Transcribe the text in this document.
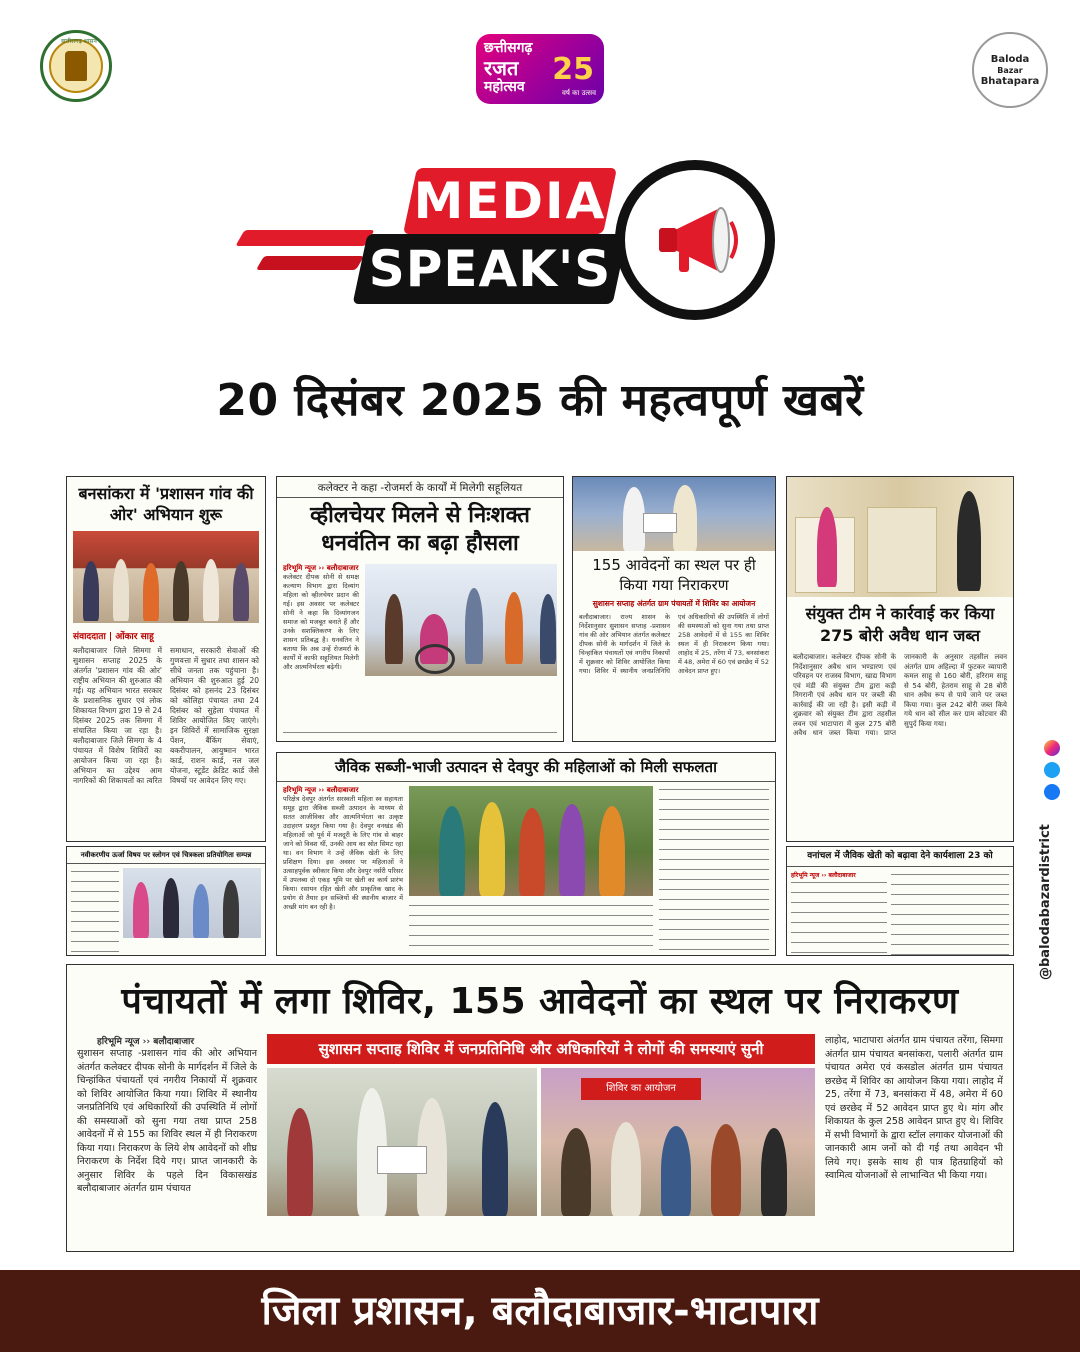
छत्तीसगढ़ शासन	छत्तीसगढ़
रजत
महोत्सव 25
वर्ष का उत्सव
Baloda
Bazar
Bhatapara
MEDIA
SPEAK'S
20 दिसंबर 2025 की महत्वपूर्ण खबरें
बनसांकरा में 'प्रशासन गांव की ओर' अभियान शुरू
संवाददाता | ओंकार साहू
बलौदाबाजार जिले सिमगा में सुशासन सप्ताह 2025 के अंतर्गत 'प्रशासन गांव की ओर' राष्ट्रीय अभियान की शुरुआत की गई। यह अभियान भारत सरकार के प्रशासनिक सुधार एवं लोक शिकायत विभाग द्वारा 19 से 24 दिसंबर 2025 तक सिमगा में संचालित किया जा रहा है। बलौदाबाजार जिले सिमगा के 4 पंचायत में विशेष शिविरों का आयोजन किया जा रहा है। अभियान का उद्देश्य आम नागरिकों की शिकायतों का त्वरित समाधान, सरकारी सेवाओं की गुणवत्ता में सुधार तथा शासन को सीधे जनता तक पहुंचाना है। अभियान की शुरुआत हुई 20 दिसंबर को हसनंद 23 दिसंबर को कोलिहा पंचायत तथा 24 दिसंबर को सुहेला पंचायत में शिविर आयोजित किए जाएंगे। इन शिविरों में सामाजिक सुरक्षा पेंशन, बैंकिंग सेवाएं, बकरीपालन, आयुष्मान भारत कार्ड, राशन कार्ड, नल जल योजना, स्टूडेंट क्रेडिट कार्ड जैसे विषयों पर आवेदन लिए गए।
कलेक्टर ने कहा -रोजमर्रा के कार्यों में मिलेगी सहूलियत
व्हीलचेयर मिलने से निःशक्त धनवंतिन का बढ़ा हौसला
हरिभूमि न्यूज ›› बलौदाबाजार
कलेक्टर दीपक सोनी से समक्ष कल्याण विभाग द्वारा दिव्यांग महिला को व्हीलचेयर प्रदान की गई। इस अवसर पर कलेक्टर सोनी ने कहा कि दिव्यांगजन समाज को मजबूत बनाते हैं और उनके सशक्तिकरण के लिए शासन प्रतिबद्ध है। धनवंतिन ने बताया कि अब उन्हें रोजमर्रा के कार्यों में काफी सहूलियत मिलेगी और आत्मनिर्भरता बढ़ेगी।
155 आवेदनों का स्थल पर ही किया गया निराकरण
सुशासन सप्ताह अंतर्गत ग्राम पंचायतों में शिविर का आयोजन
बलौदाबाजार। राज्य शासन के निर्देशानुसार सुशासन सप्ताह -प्रशासन गांव की ओर अभियान अंतर्गत कलेक्टर दीपक सोनी के मार्गदर्शन में जिले के चिन्हांकित पंचायतों एवं नगरीय निकायों में शुक्रवार को शिविर आयोजित किया गया। शिविर में स्थानीय जनप्रतिनिधि एवं अधिकारियों की उपस्थिति में लोगों की समस्याओं को सुना गया तथा प्राप्त 258 आवेदनों में से 155 का शिविर स्थल में ही निराकरण किया गया। लाहोद में 25, तरेंगा में 73, बनसांकरा में 48, अमेरा में 60 एवं छरछेद में 52 आवेदन प्राप्त हुए।
संयुक्त टीम ने कार्रवाई कर किया 275 बोरी अवैध धान जब्त
बलौदाबाजार। कलेक्टर दीपक सोनी के निर्देशानुसार अवैध धान भण्डारण एवं परिवहन पर राजस्व विभाग, खाद्य विभाग एवं मंडी की संयुक्त टीम द्वारा कड़ी निगरानी एवं अवैध धान पर जब्ती की कार्रवाई की जा रही है। इसी कड़ी में शुक्रवार को संयुक्त टीम द्वारा तहसील लवन एवं भाटापारा में कुल 275 बोरी अवैध धान जब्त किया गया। प्राप्त जानकारी के अनुसार तहसील लवन अंतर्गत ग्राम अहिल्दा में फुटकर व्यापारी कमल साहू से 160 बोरी, हरिराम साहू से 54 बोरी, हेतराम साहू से 28 बोरी धान अवैध रूप से पाये जाने पर जब्त किया गया। कुल 242 बोरी जब्त किये गये धान को सील कर ग्राम कोटवार की सुपुर्द किया गया।
जैविक सब्जी-भाजी उत्पादन से देवपुर की महिलाओं को मिली सफलता
हरिभूमि न्यूज ›› बलौदाबाजार
परिक्षेत्र देवपुर अंतर्गत सरस्वती महिला स्व सहायता समूह द्वारा जैविक सब्जी उत्पादन के माध्यम से सतत आजीविका और आत्मनिर्भरता का उत्कृष्ट उदाहरण प्रस्तुत किया गया है। देवपुर वनखंड की महिलाओं जो पूर्व में मजदूरी के लिए गांव से बाहर जाने को विवश थीं, उनकी आय का स्रोत सिमट रहा था। वन विभाग ने उन्हें जैविक खेती के लिए प्रशिक्षण दिया। इस अवसर पर महिलाओं ने उत्साहपूर्वक स्वीकार किया और देवपुर नर्सरी परिसर में उपलब्ध दो एकड़ भूमि पर खेती का कार्य प्रारंभ किया। रसायन रहित खेती और प्राकृतिक खाद के प्रयोग से तैयार इन सब्जियों की स्थानीय बाजार में अच्छी मांग बन रही है।
नवीकरणीय ऊर्जा विषय पर स्लोगन एवं चित्रकला प्रतियोगिता सम्पन्न	वनांचल में जैविक खेती को बढ़ावा देने कार्यशाला 23 को
हरिभूमि न्यूज ›› बलौदाबाजार
पंचायतों में लगा शिविर, 155 आवेदनों का स्थल पर निराकरण
हरिभूमि न्यूज ›› बलौदाबाजार
सुशासन सप्ताह -प्रशासन गांव की ओर अभियान अंतर्गत कलेक्टर दीपक सोनी के मार्गदर्शन में जिले के चिन्हांकित पंचायतों एवं नगरीय निकायों में शुक्रवार को शिविर आयोजित किया गया। शिविर में स्थानीय जनप्रतिनिधि एवं अधिकारियों की उपस्थिति में लोगों की समस्याओं को सुना गया तथा प्राप्त 258 आवेदनों में से 155 का शिविर स्थल में ही निराकरण किया गया। निराकरण के लिये शेष आवेदनों को शीघ्र निराकरण के निर्देश दिये गए। प्राप्त जानकारी के अनुसार शिविर के पहले दिन विकासखंड बलौदाबाजार अंतर्गत ग्राम पंचायत
सुशासन सप्ताह शिविर में जनप्रतिनिधि और अधिकारियों ने लोगों की समस्याएं सुनी
शिविर का आयोजन
लाहोद, भाटापारा अंतर्गत ग्राम पंचायत तरेंगा, सिमगा अंतर्गत ग्राम पंचायत बनसांकरा, पलारी अंतर्गत ग्राम पंचायत अमेरा एवं कसडोल अंतर्गत ग्राम पंचायत छरछेद में शिविर का आयोजन किया गया। लाहोद में 25, तरेंगा में 73, बनसांकरा में 48, अमेरा में 60 एवं छरछेद में 52 आवेदन प्राप्त हुए थे। मांग और शिकायत के कुल 258 आवेदन प्राप्त हुए थे। शिविर में सभी विभागों के द्वारा स्टॉल लगाकर योजनाओं की जानकारी आम जनों को दी गई तथा आवेदन भी लिये गए। इसके साथ ही पात्र हितग्राहियों को स्वामित्व योजनाओं से लाभान्वित भी किया गया।
@balodabazardistrict
जिला प्रशासन, बलौदाबाजार-भाटापारा
